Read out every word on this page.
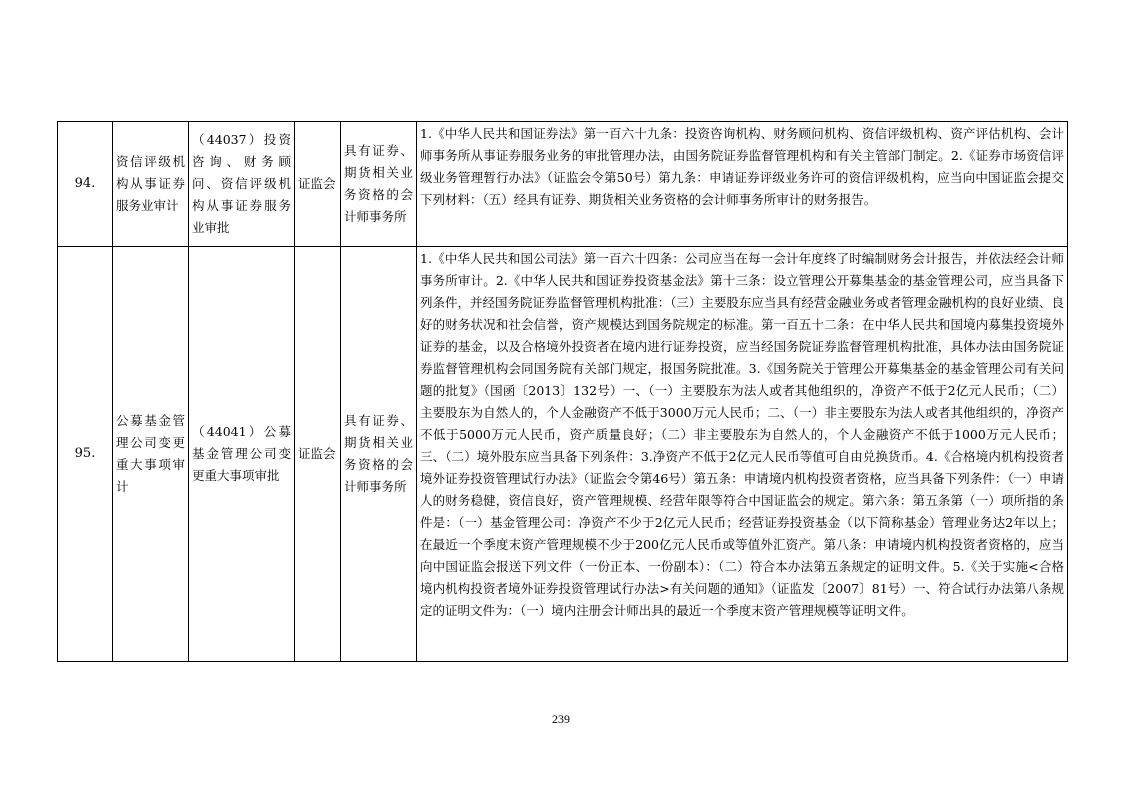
94.	资信评级机构从事证券服务业审计	（44037）投资咨询、财务顾问、资信评级机构从事证券服务业审批	证监会	具有证券、期货相关业务资格的会计师事务所	1.《中华人民共和国证券法》第一百六十九条：投资咨询机构、财务顾问机构、资信评级机构、资产评估机构、会计师事务所从事证券服务业务的审批管理办法，由国务院证券监督管理机构和有关主管部门制定。2.《证券市场资信评级业务管理暂行办法》（证监会令第50号）第九条：申请证券评级业务许可的资信评级机构，应当向中国证监会提交下列材料：（五）经具有证券、期货相关业务资格的会计师事务所审计的财务报告。
95.	公募基金管理公司变更重大事项审计	（44041）公募基金管理公司变更重大事项审批	证监会	具有证券、期货相关业务资格的会计师事务所	1.《中华人民共和国公司法》第一百六十四条：公司应当在每一会计年度终了时编制财务会计报告，并依法经会计师事务所审计。2.《中华人民共和国证券投资基金法》第十三条：设立管理公开募集基金的基金管理公司，应当具备下列条件，并经国务院证券监督管理机构批准：（三）主要股东应当具有经营金融业务或者管理金融机构的良好业绩、良好的财务状况和社会信誉，资产规模达到国务院规定的标准。第一百五十二条：在中华人民共和国境内募集投资境外证券的基金，以及合格境外投资者在境内进行证券投资，应当经国务院证券监督管理机构批准，具体办法由国务院证券监督管理机构会同国务院有关部门规定，报国务院批准。3.《国务院关于管理公开募集基金的基金管理公司有关问题的批复》（国函〔2013〕132号）一、（一）主要股东为法人或者其他组织的，净资产不低于2亿元人民币；（二）主要股东为自然人的，个人金融资产不低于3000万元人民币；二、（一）非主要股东为法人或者其他组织的，净资产不低于5000万元人民币，资产质量良好；（二）非主要股东为自然人的，个人金融资产不低于1000万元人民币；三、（二）境外股东应当具备下列条件：3.净资产不低于2亿元人民币等值可自由兑换货币。4.《合格境内机构投资者境外证券投资管理试行办法》（证监会令第46号）第五条：申请境内机构投资者资格，应当具备下列条件：（一）申请人的财务稳健，资信良好，资产管理规模、经营年限等符合中国证监会的规定。第六条：第五条第（一）项所指的条件是：（一）基金管理公司：净资产不少于2亿元人民币；经营证券投资基金（以下简称基金）管理业务达2年以上；在最近一个季度末资产管理规模不少于200亿元人民币或等值外汇资产。第八条：申请境内机构投资者资格的，应当向中国证监会报送下列文件（一份正本、一份副本）：（二）符合本办法第五条规定的证明文件。5.《关于实施<合格境内机构投资者境外证券投资管理试行办法>有关问题的通知》（证监发〔2007〕81号）一、符合试行办法第八条规定的证明文件为：（一）境内注册会计师出具的最近一个季度末资产管理规模等证明文件。
239
